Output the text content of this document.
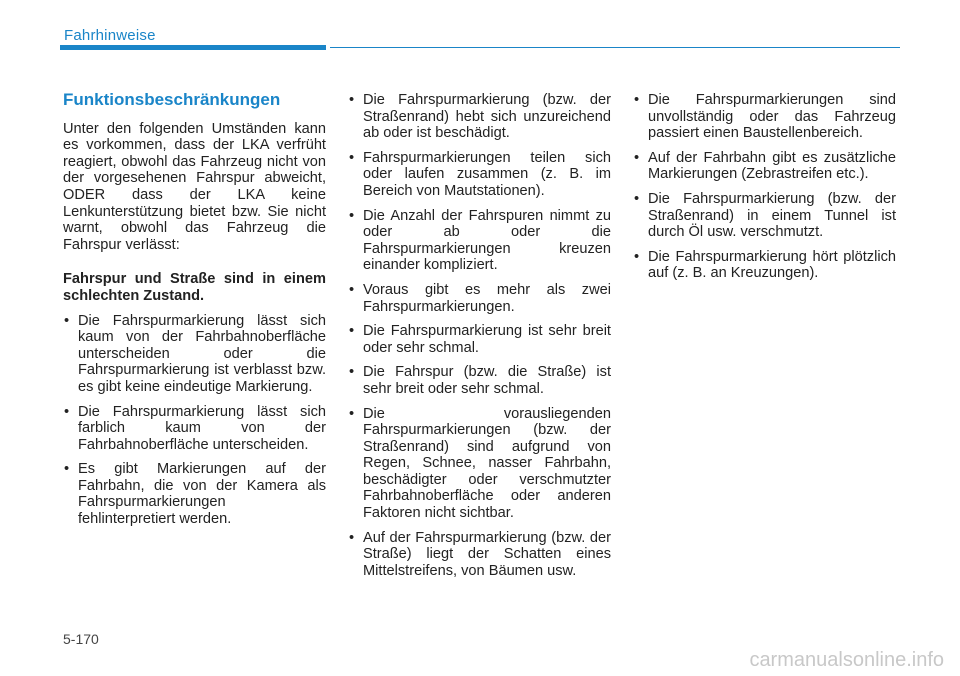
Fahrhinweise
Funktionsbeschränkungen

Unter den folgenden Umständen kann es vorkommen, dass der LKA verfrüht reagiert, obwohl das Fahrzeug nicht von der vorgesehenen Fahrspur abweicht, ODER dass der LKA keine Lenkunterstützung bietet bzw. Sie nicht warnt, obwohl das Fahrzeug die Fahrspur verlässt:

Fahrspur und Straße sind in einem schlechten Zustand.
• Die Fahrspurmarkierung lässt sich kaum von der Fahrbahnoberfläche unterscheiden oder die Fahrspurmarkierung ist verblasst bzw. es gibt keine eindeutige Markierung.
• Die Fahrspurmarkierung lässt sich farblich kaum von der Fahrbahnoberfläche unterscheiden.
• Es gibt Markierungen auf der Fahrbahn, die von der Kamera als Fahrspurmarkierungen fehlinterpretiert werden.
• Die Fahrspurmarkierung (bzw. der Straßenrand) hebt sich unzureichend ab oder ist beschädigt.
• Fahrspurmarkierungen teilen sich oder laufen zusammen (z. B. im Bereich von Mautstationen).
• Die Anzahl der Fahrspuren nimmt zu oder ab oder die Fahrspurmarkierungen kreuzen einander kompliziert.
• Voraus gibt es mehr als zwei Fahrspurmarkierungen.
• Die Fahrspurmarkierung ist sehr breit oder sehr schmal.
• Die Fahrspur (bzw. die Straße) ist sehr breit oder sehr schmal.
• Die vorausliegenden Fahrspurmarkierungen (bzw. der Straßenrand) sind aufgrund von Regen, Schnee, nasser Fahrbahn, beschädigter oder verschmutzter Fahrbahnoberfläche oder anderen Faktoren nicht sichtbar.
• Auf der Fahrspurmarkierung (bzw. der Straße) liegt der Schatten eines Mittelstreifens, von Bäumen usw.
• Die Fahrspurmarkierungen sind unvollständig oder das Fahrzeug passiert einen Baustellenbereich.
• Auf der Fahrbahn gibt es zusätzliche Markierungen (Zebrastreifen etc.).
• Die Fahrspurmarkierung (bzw. der Straßenrand) in einem Tunnel ist durch Öl usw. verschmutzt.
• Die Fahrspurmarkierung hört plötzlich auf (z. B. an Kreuzungen).
5-170
carmanualsonline.info
